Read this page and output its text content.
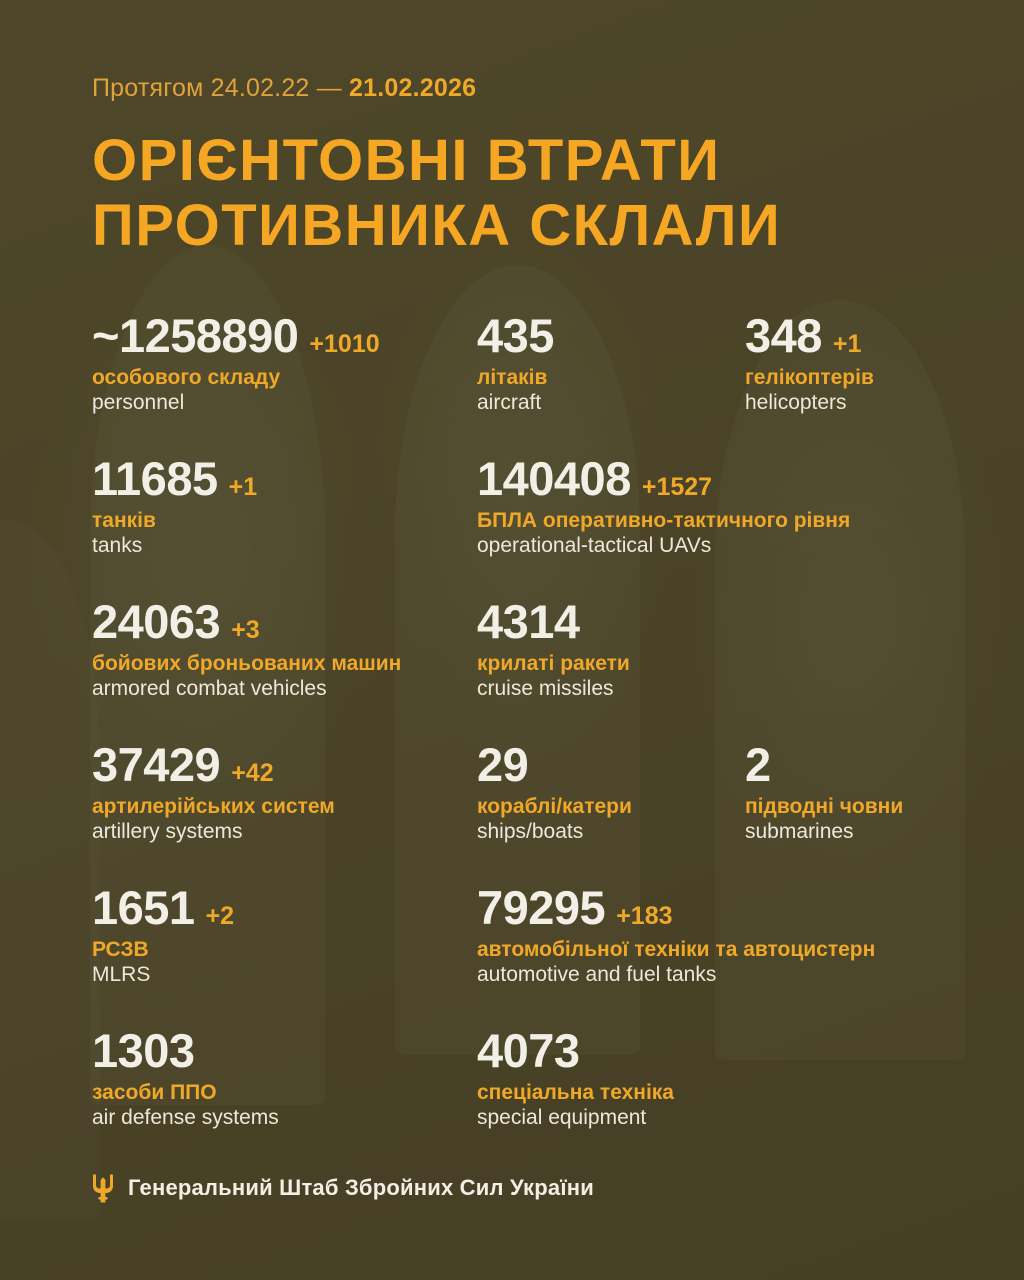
Протягом 24.02.22 — 21.02.2026
ОРІЄНТОВНІ ВТРАТИ
ПРОТИВНИКА СКЛАЛИ
~1258890 +1010
особового складу
personnel
435
літаків
aircraft
348 +1
гелікоптерів
helicopters
11685 +1
танків
tanks
140408 +1527
БПЛА оперативно-тактичного рівня
operational-tactical UAVs
24063 +3
бойових броньованих машин
armored combat vehicles
4314
крилаті ракети
cruise missiles
37429 +42
артилерійських систем
artillery systems
29
кораблі/катери
ships/boats
2
підводні човни
submarines
1651 +2
РСЗВ
MLRS
79295 +183
автомобільної техніки та автоцистерн
automotive and fuel tanks
1303
засоби ППО
air defense systems
4073
спеціальна техніка
special equipment
Генеральний Штаб Збройних Сил України
